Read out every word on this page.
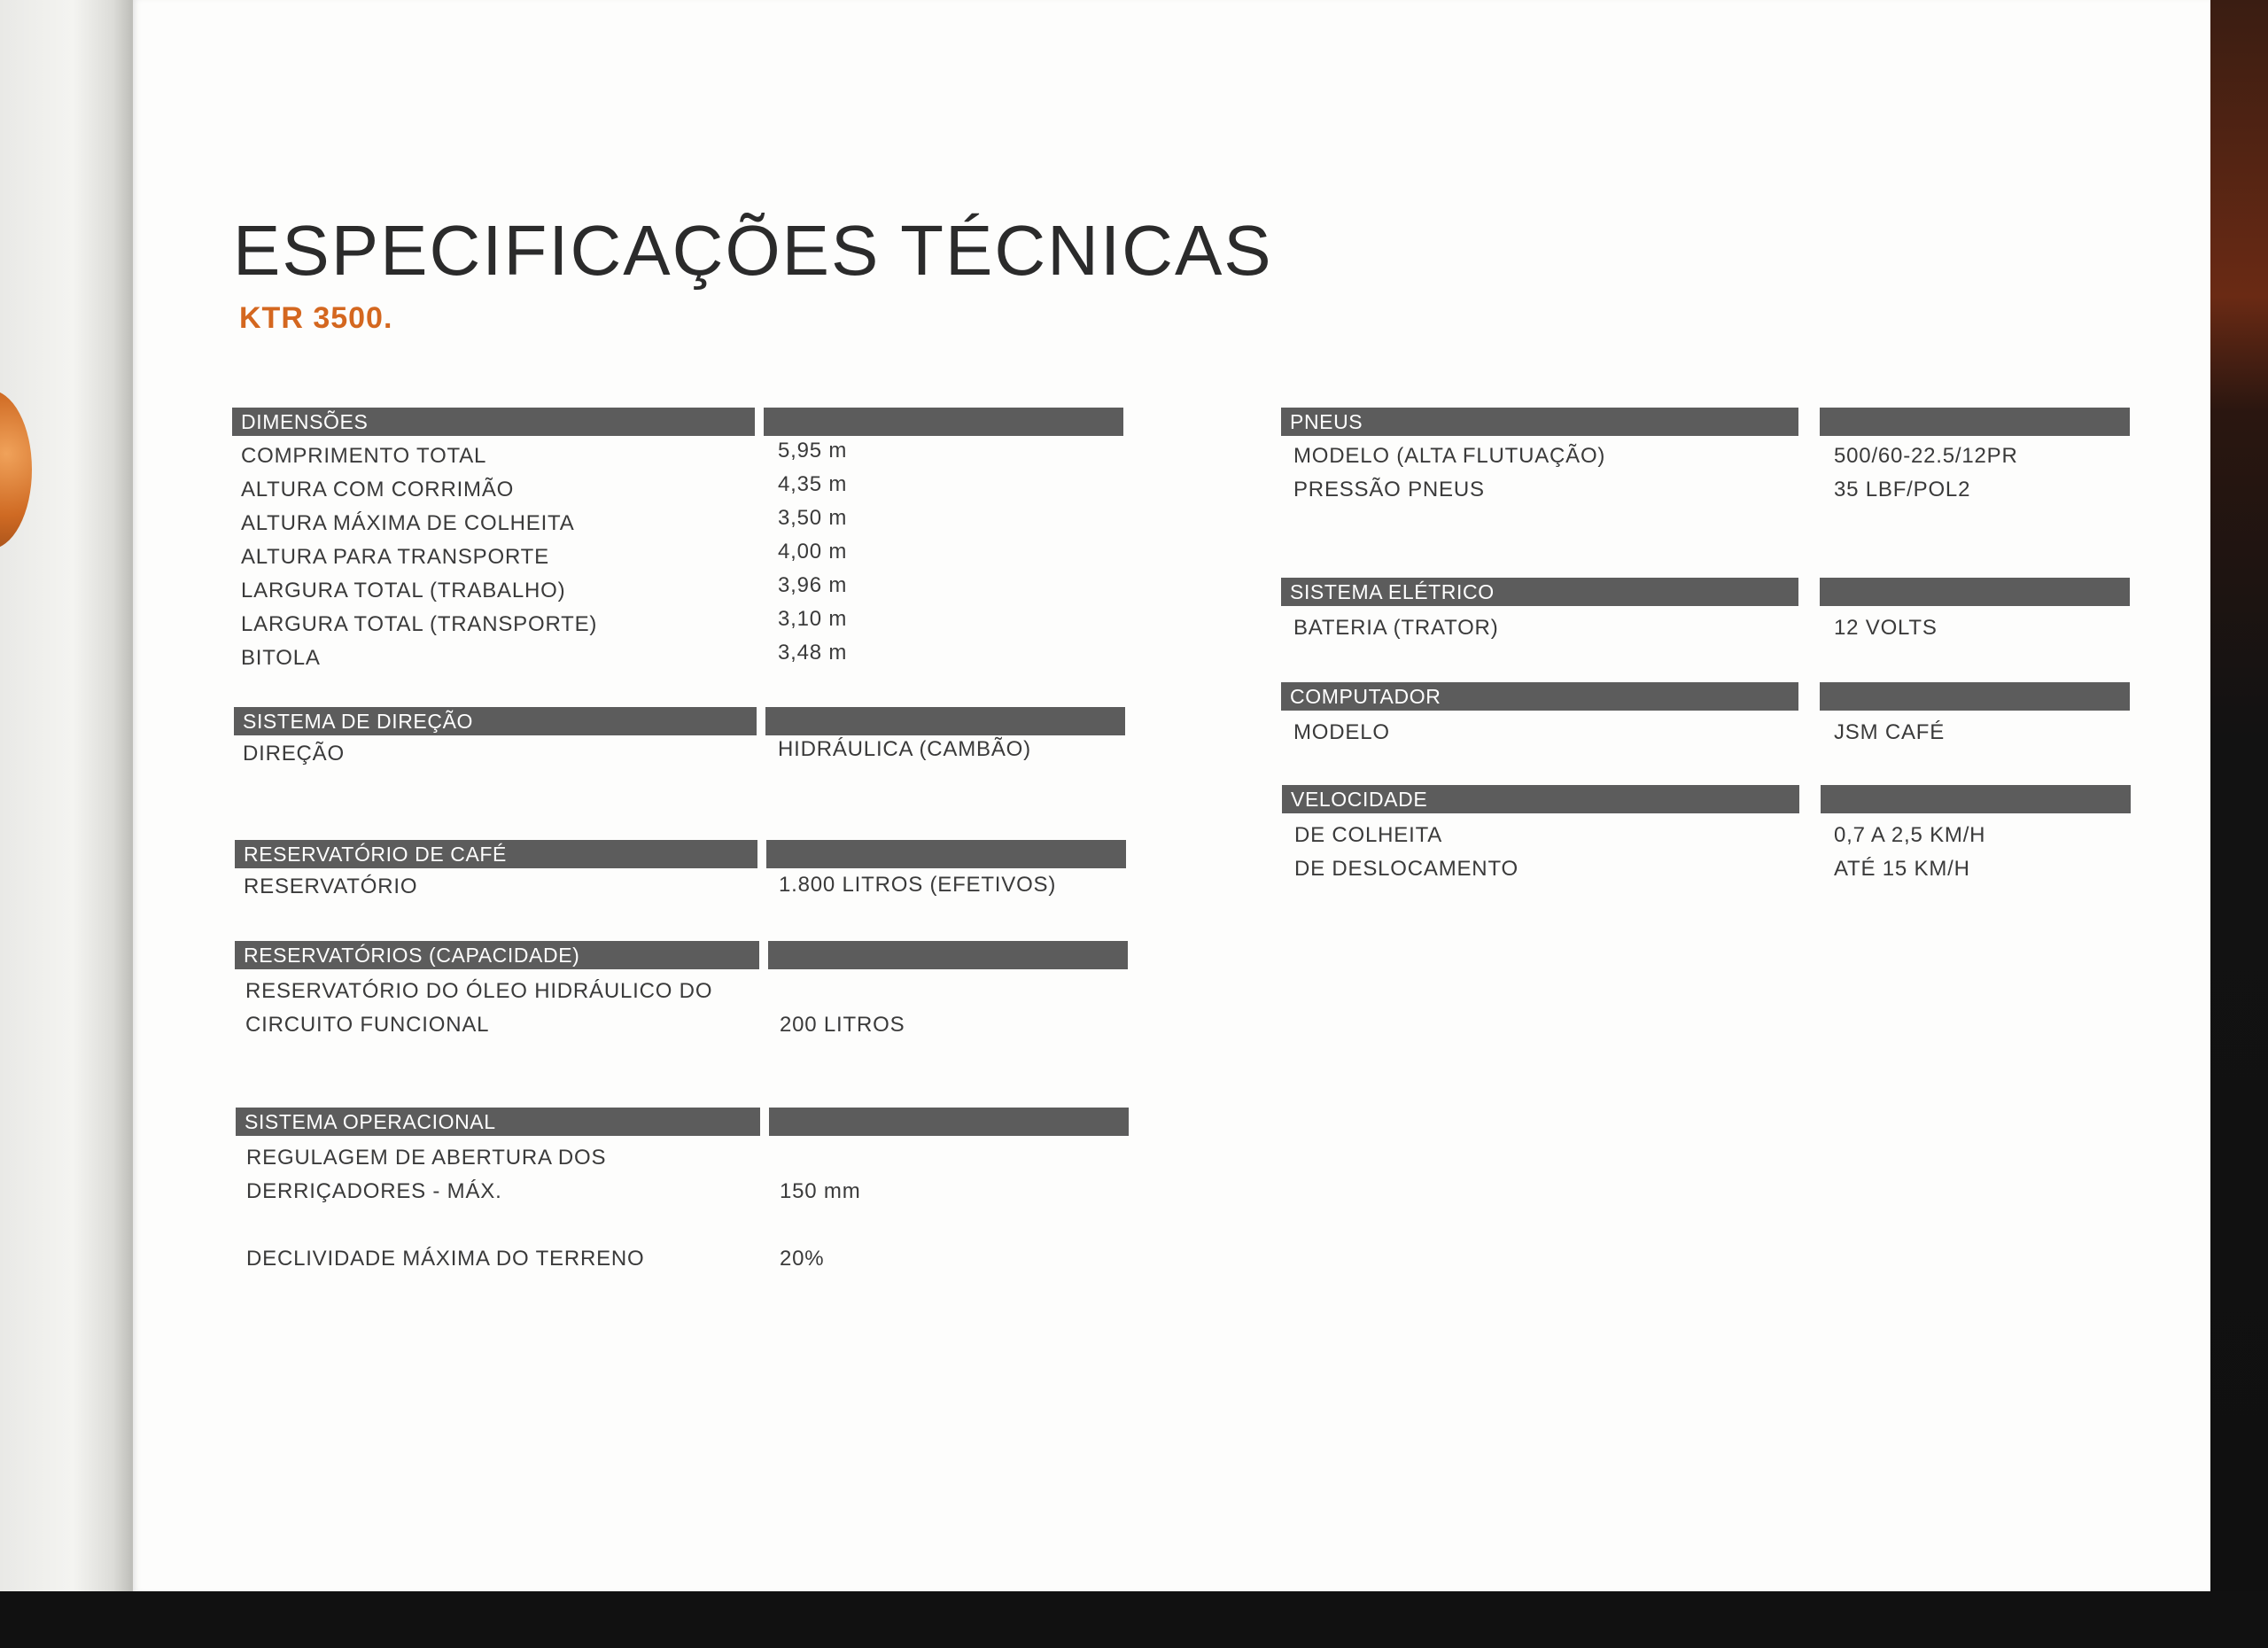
ESPECIFICAÇÕES TÉCNICAS
KTR 3500.
DIMENSÕES
COMPRIMENTO TOTAL	5,95 m
ALTURA COM CORRIMÃO	4,35 m
ALTURA MÁXIMA DE COLHEITA	3,50 m
ALTURA PARA TRANSPORTE	4,00 m
LARGURA TOTAL (TRABALHO)	3,96 m
LARGURA TOTAL (TRANSPORTE)	3,10 m
BITOLA	3,48 m
SISTEMA DE DIREÇÃO
DIREÇÃO	HIDRÁULICA (CAMBÃO)
RESERVATÓRIO DE CAFÉ
RESERVATÓRIO	1.800 LITROS (EFETIVOS)
RESERVATÓRIOS (CAPACIDADE)
RESERVATÓRIO DO ÓLEO HIDRÁULICO DO
CIRCUITO FUNCIONAL	200 LITROS
SISTEMA OPERACIONAL
REGULAGEM DE ABERTURA DOS
DERRIÇADORES - MÁX.	150 mm
DECLIVIDADE MÁXIMA DO TERRENO	20%
PNEUS
MODELO (ALTA FLUTUAÇÃO)	500/60-22.5/12PR
PRESSÃO PNEUS	35 LBF/POL2
SISTEMA ELÉTRICO
BATERIA (TRATOR)	12 VOLTS
COMPUTADOR
MODELO	JSM CAFÉ
VELOCIDADE
DE COLHEITA	0,7 A 2,5 KM/H
DE DESLOCAMENTO	ATÉ 15 KM/H
